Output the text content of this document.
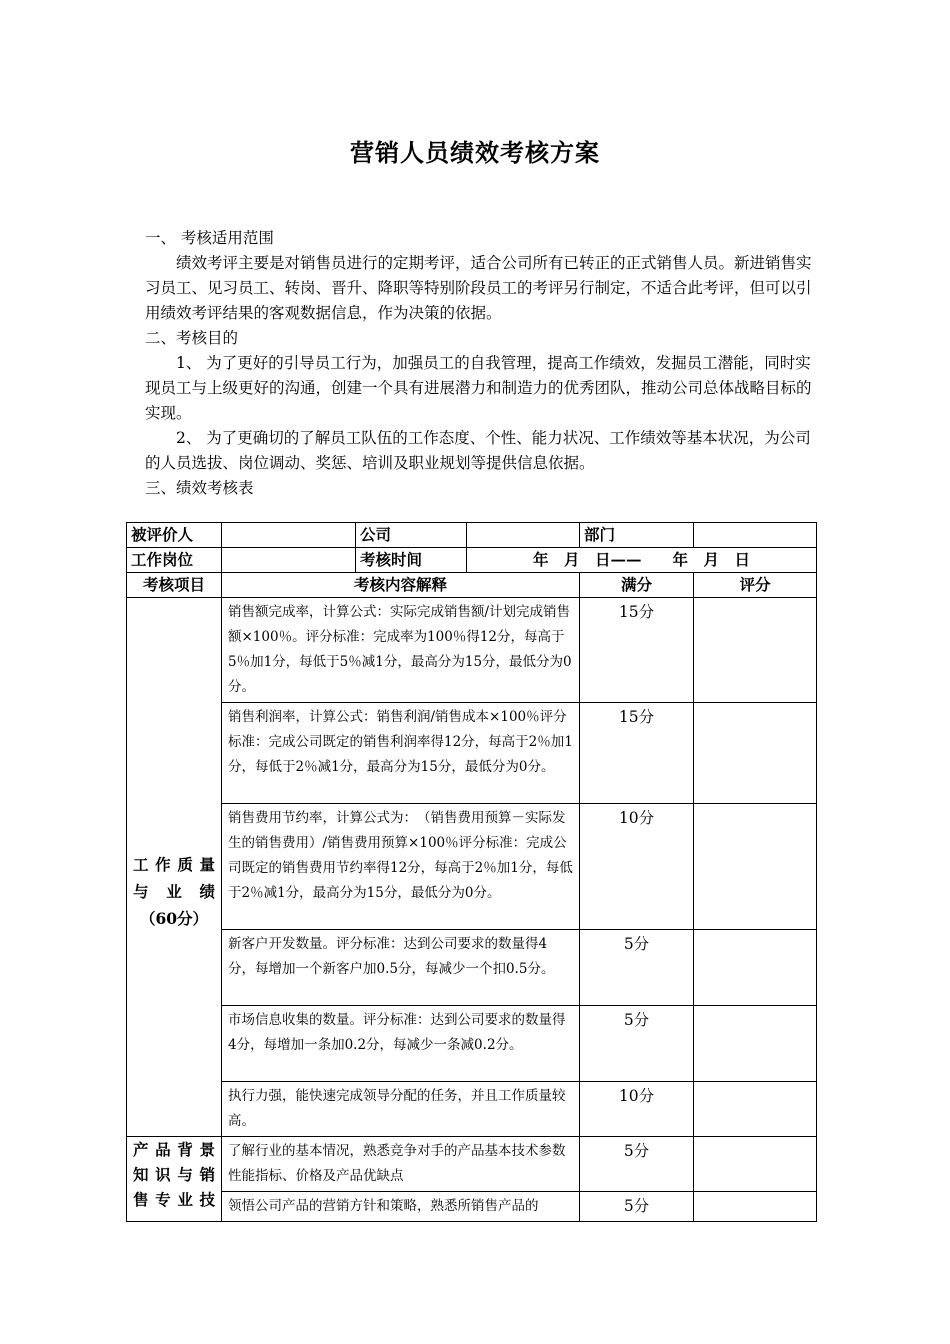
营销人员绩效考核方案

一、 考核适用范围

绩效考评主要是对销售员进行的定期考评，适合公司所有已转正的正式销售人员。新进销售实习员工、见习员工、转岗、晋升、降职等特别阶段员工的考评另行制定，不适合此考评，但可以引用绩效考评结果的客观数据信息，作为决策的依据。

二、考核目的

1、 为了更好的引导员工行为，加强员工的自我管理，提高工作绩效，发掘员工潜能，同时实现员工与上级更好的沟通，创建一个具有进展潜力和制造力的优秀团队，推动公司总体战略目标的实现。

2、 为了更确切的了解员工队伍的工作态度、个性、能力状况、工作绩效等基本状况，为公司的人员选拔、岗位调动、奖惩、培训及职业规划等提供信息依据。

三、绩效考核表

被评价人		公司		部门	
工作岗位		考核时间	年　月　日——　　年　月　日		
考核项目	考核内容解释			满分	评分

工作质量
与业绩
（60分）	销售额完成率，计算公式：实际完成销售额/计划完成销售额×100％。评分标准：完成率为100％得12分，每高于5％加1分，每低于5％减1分，最高分为15分，最低分为0分。			15分	
	销售利润率，计算公式：销售利润/销售成本×100％评分标准：完成公司既定的销售利润率得12分，每高于2％加1分，每低于2％减1分，最高分为15分，最低分为0分。			15分	
	销售费用节约率，计算公式为：　（销售费用预算－实际发生的销售费用）/销售费用预算×100％评分标准：完成公司既定的销售费用节约率得12分，每高于2％加1分，每低于2％减1分，最高分为15分，最低分为0分。			10分	
	新客户开发数量。评分标准：达到公司要求的数量得4分，每增加一个新客户加0.5分，每减少一个扣0.5分。			5分	
	市场信息收集的数量。评分标准：达到公司要求的数量得4分，每增加一条加0.2分，每减少一条减0.2分。			5分	
	执行力强，能快速完成领导分配的任务，并且工作质量较高。			10分	

产品背景
知识与销
售专业技	了解行业的基本情况，熟悉竞争对手的产品基本技术参数性能指标、价格及产品优缺点			5分	
	领悟公司产品的营销方针和策略，熟悉所销售产品的			5分	
